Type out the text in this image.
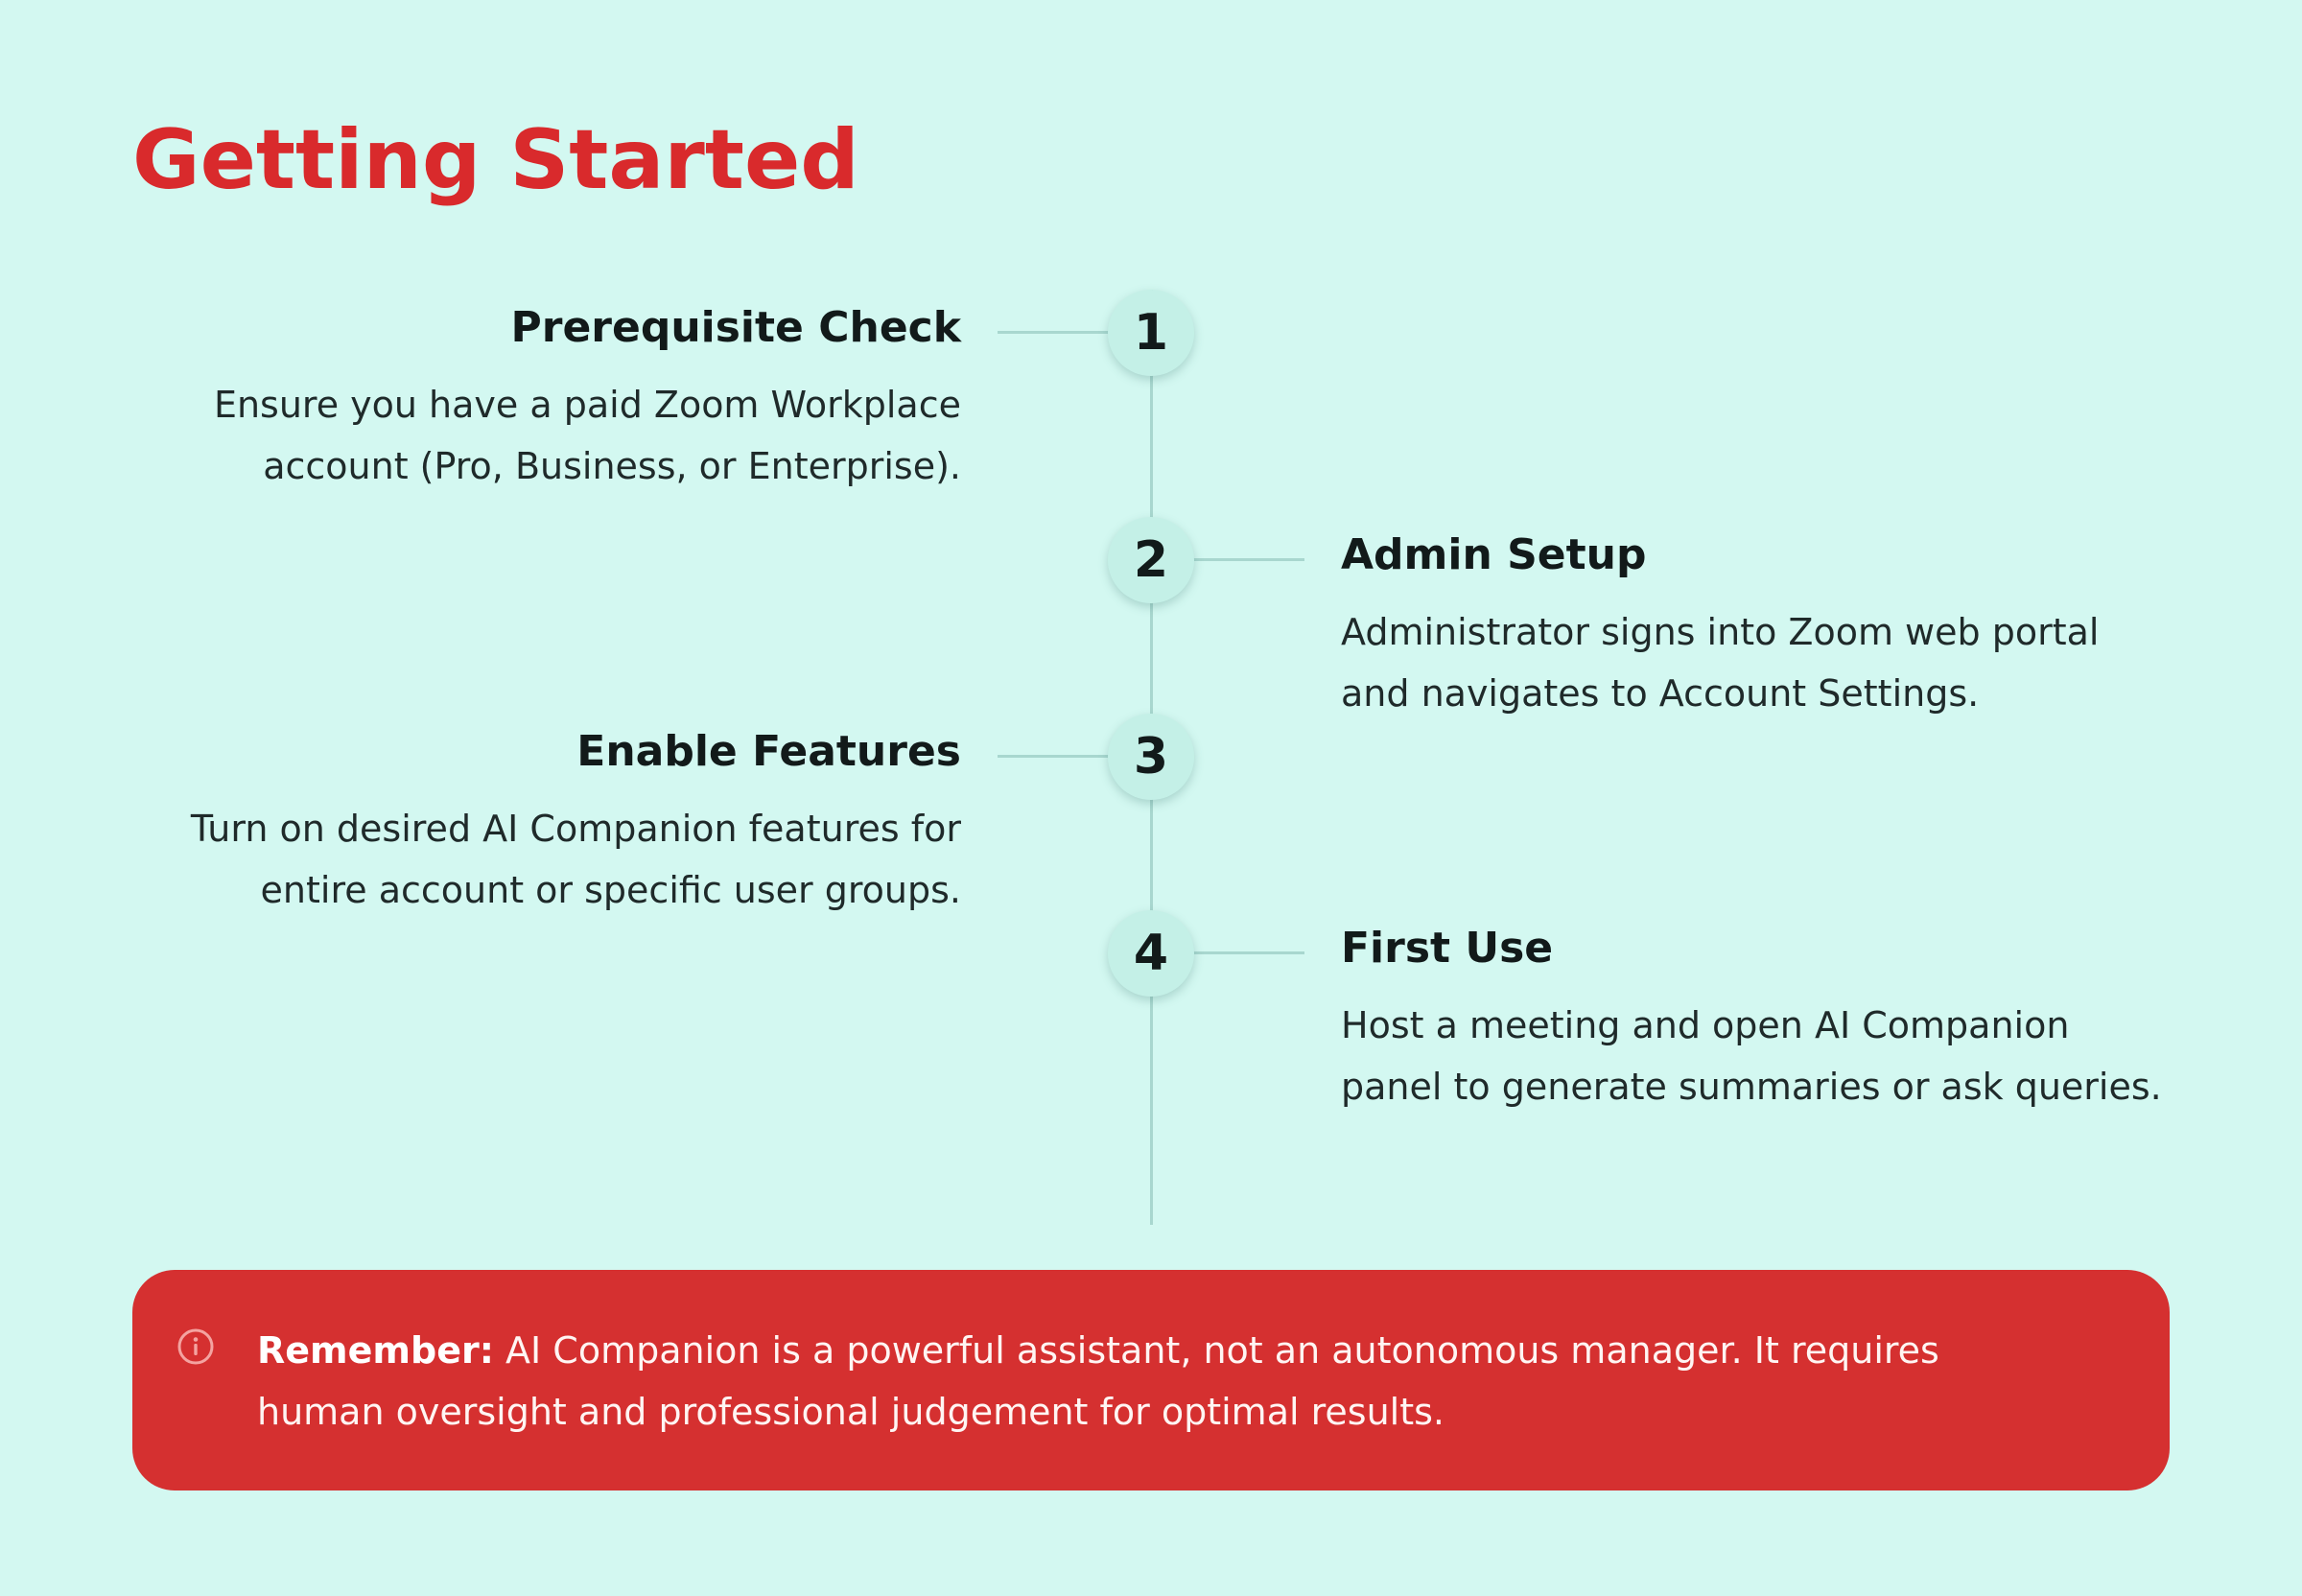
Getting Started
1
Prerequisite Check

Ensure you have a paid Zoom Workplace account (Pro, Business, or Enterprise).

2	Admin Setup

Administrator signs into Zoom web portal and navigates to Account Settings.

3
Enable Features

Turn on desired AI Companion features for entire account or specific user groups.

4	First Use

Host a meeting and open AI Companion panel to generate summaries or ask queries.

Remember: AI Companion is a powerful assistant, not an autonomous manager. It requires human oversight and professional judgement for optimal results.
